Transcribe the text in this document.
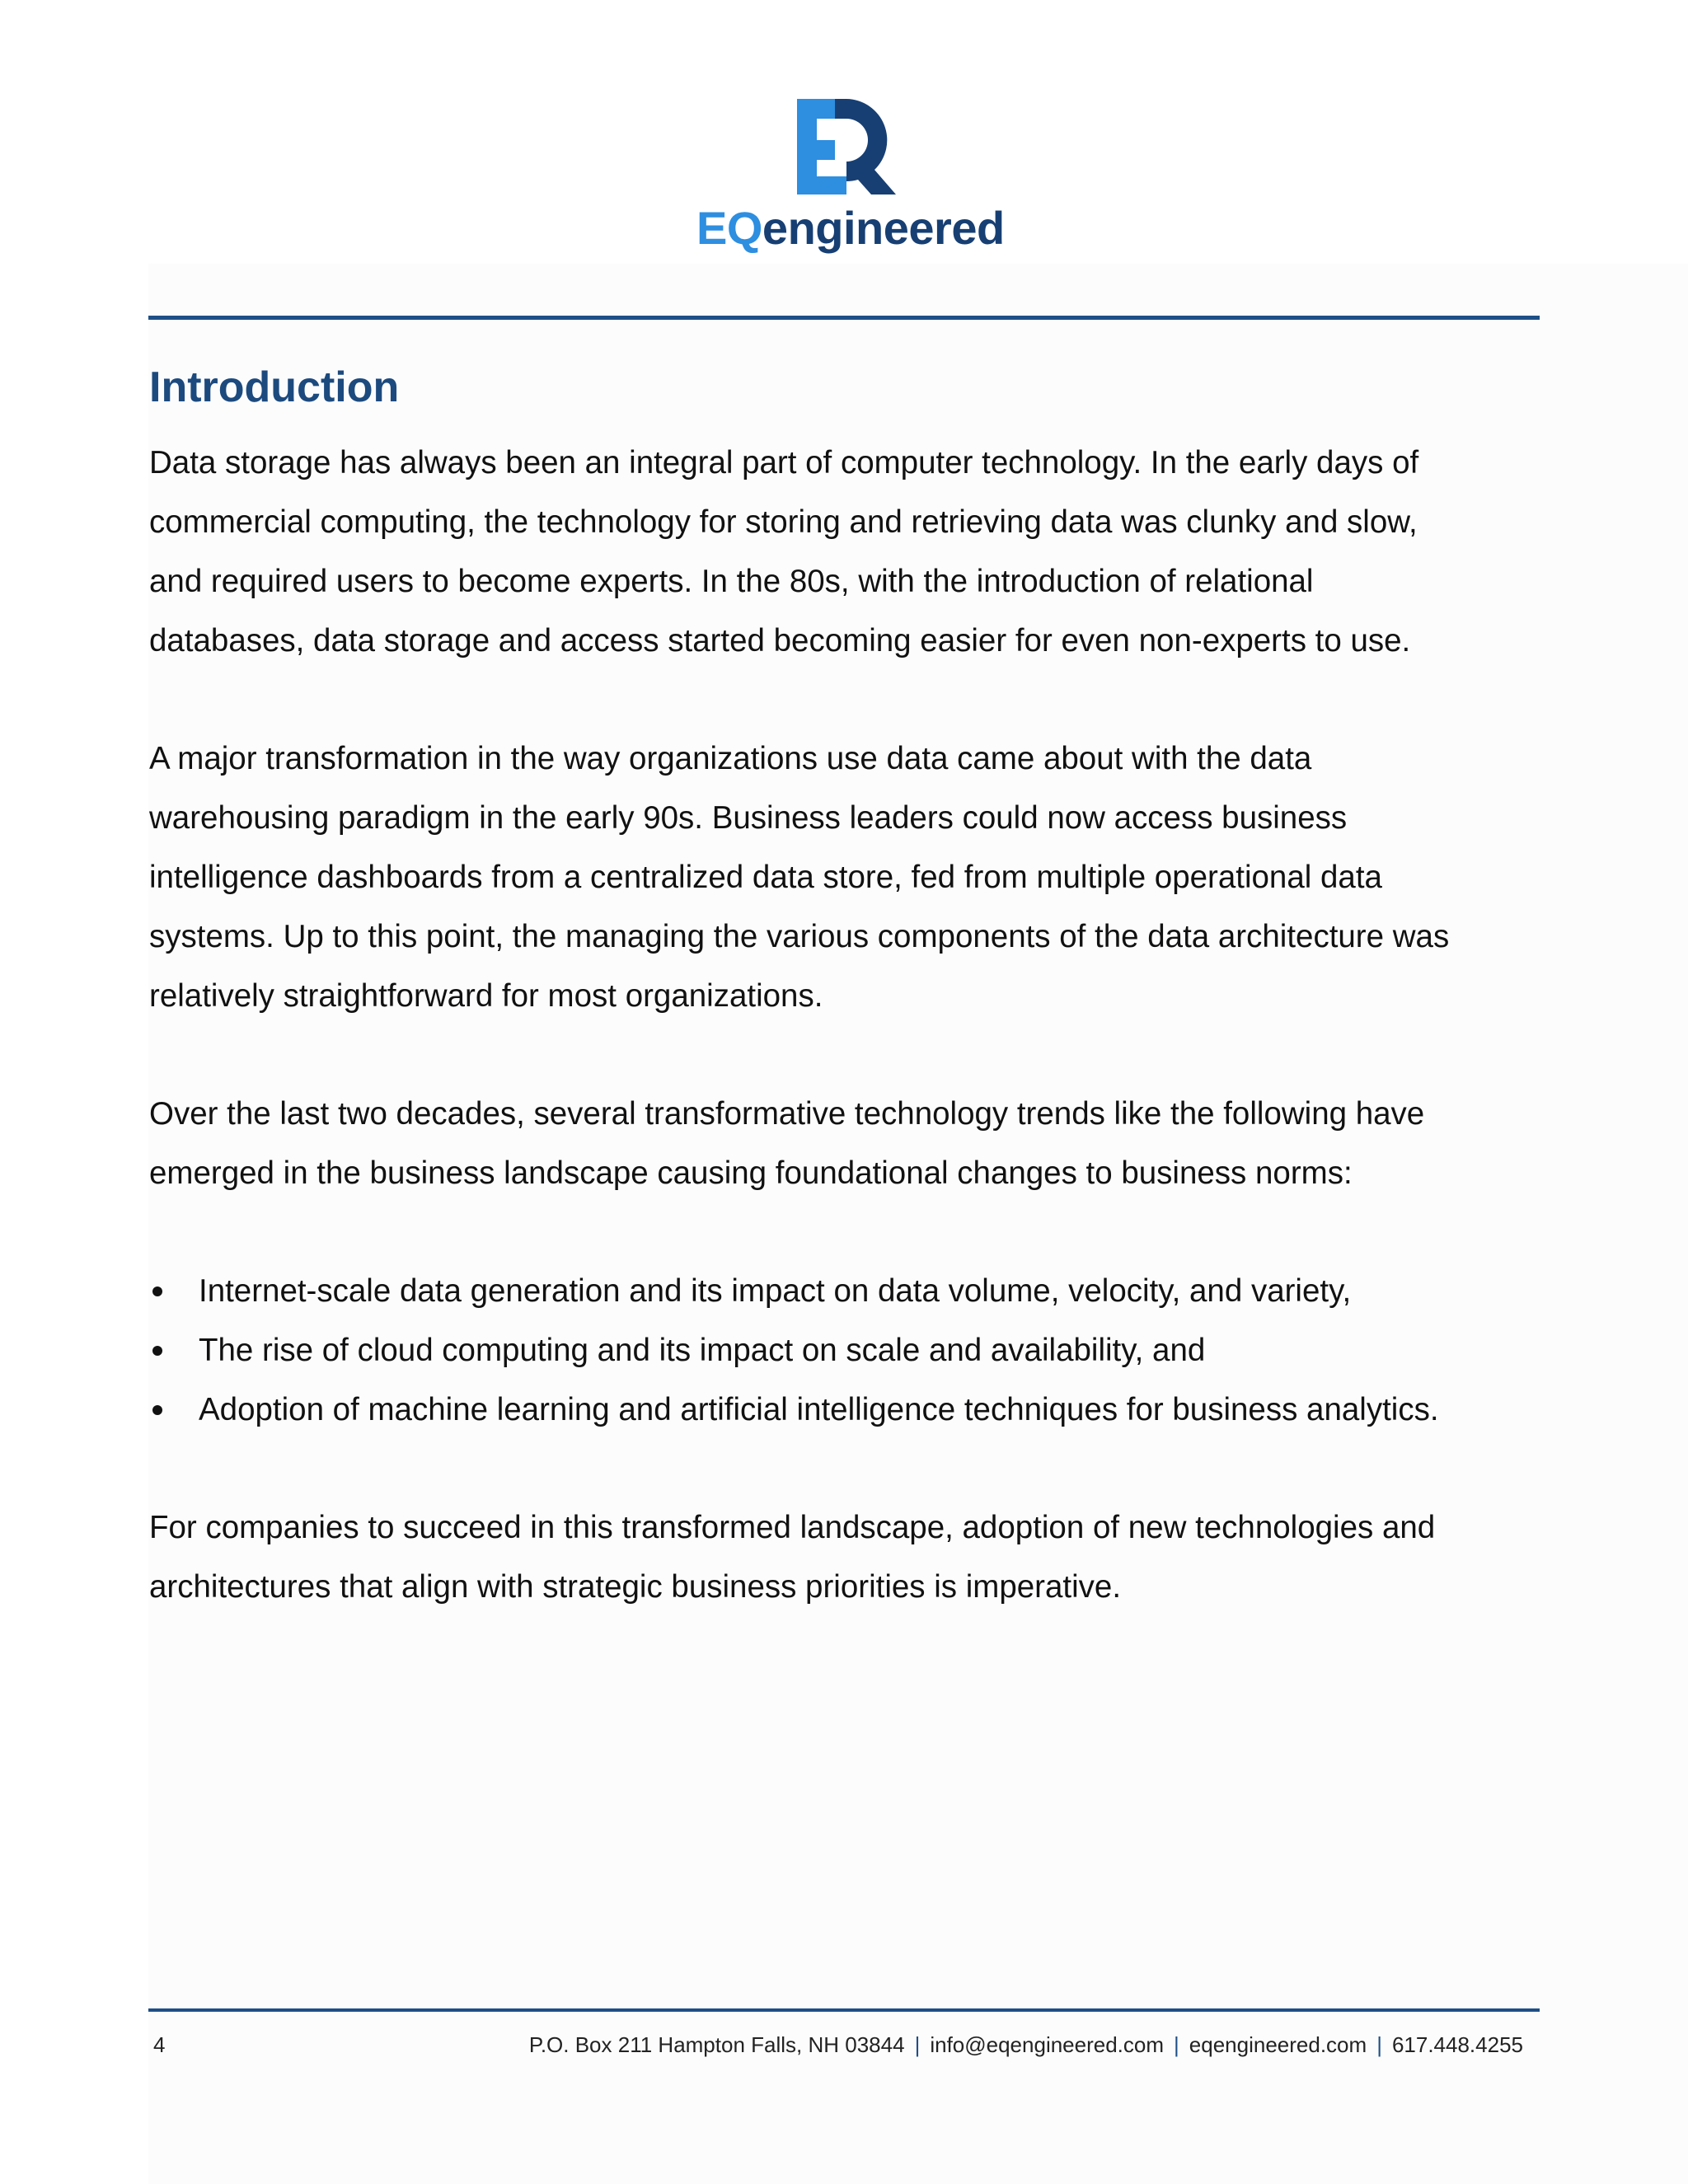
EQengineered
Introduction

Data storage has always been an integral part of computer technology. In the early days of
commercial computing, the technology for storing and retrieving data was clunky and slow,
and required users to become experts. In the 80s, with the introduction of relational
databases, data storage and access started becoming easier for even non-experts to use.

A major transformation in the way organizations use data came about with the data
warehousing paradigm in the early 90s. Business leaders could now access business
intelligence dashboards from a centralized data store, fed from multiple operational data
systems. Up to this point, the managing the various components of the data architecture was
relatively straightforward for most organizations.

Over the last two decades, several transformative technology trends like the following have
emerged in the business landscape causing foundational changes to business norms:

Internet-scale data generation and its impact on data volume, velocity, and variety,
The rise of cloud computing and its impact on scale and availability, and
Adoption of machine learning and artificial intelligence techniques for business analytics.

For companies to succeed in this transformed landscape, adoption of new technologies and
architectures that align with strategic business priorities is imperative.

4	P.O. Box 211 Hampton Falls, NH 03844 | info@eqengineered.com | eqengineered.com | 617.448.4255
